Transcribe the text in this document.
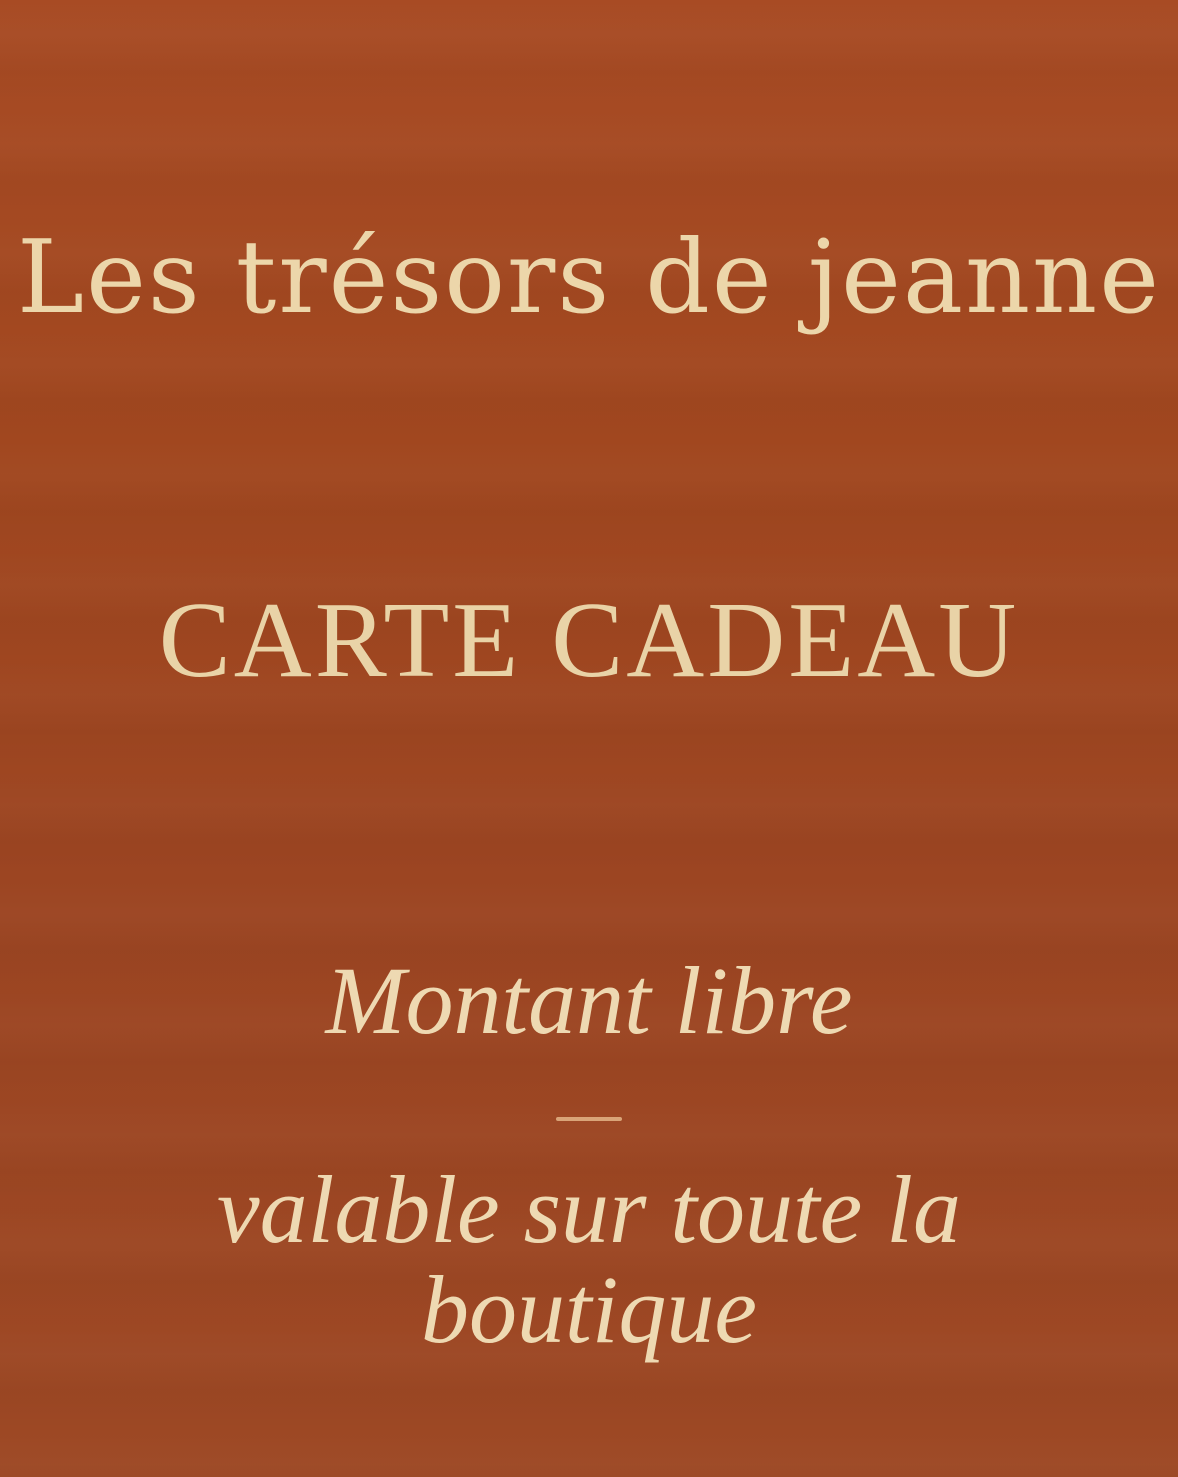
Les trésors de jeanne
CARTE CADEAU

Montant libre

valable sur toute la
boutique
